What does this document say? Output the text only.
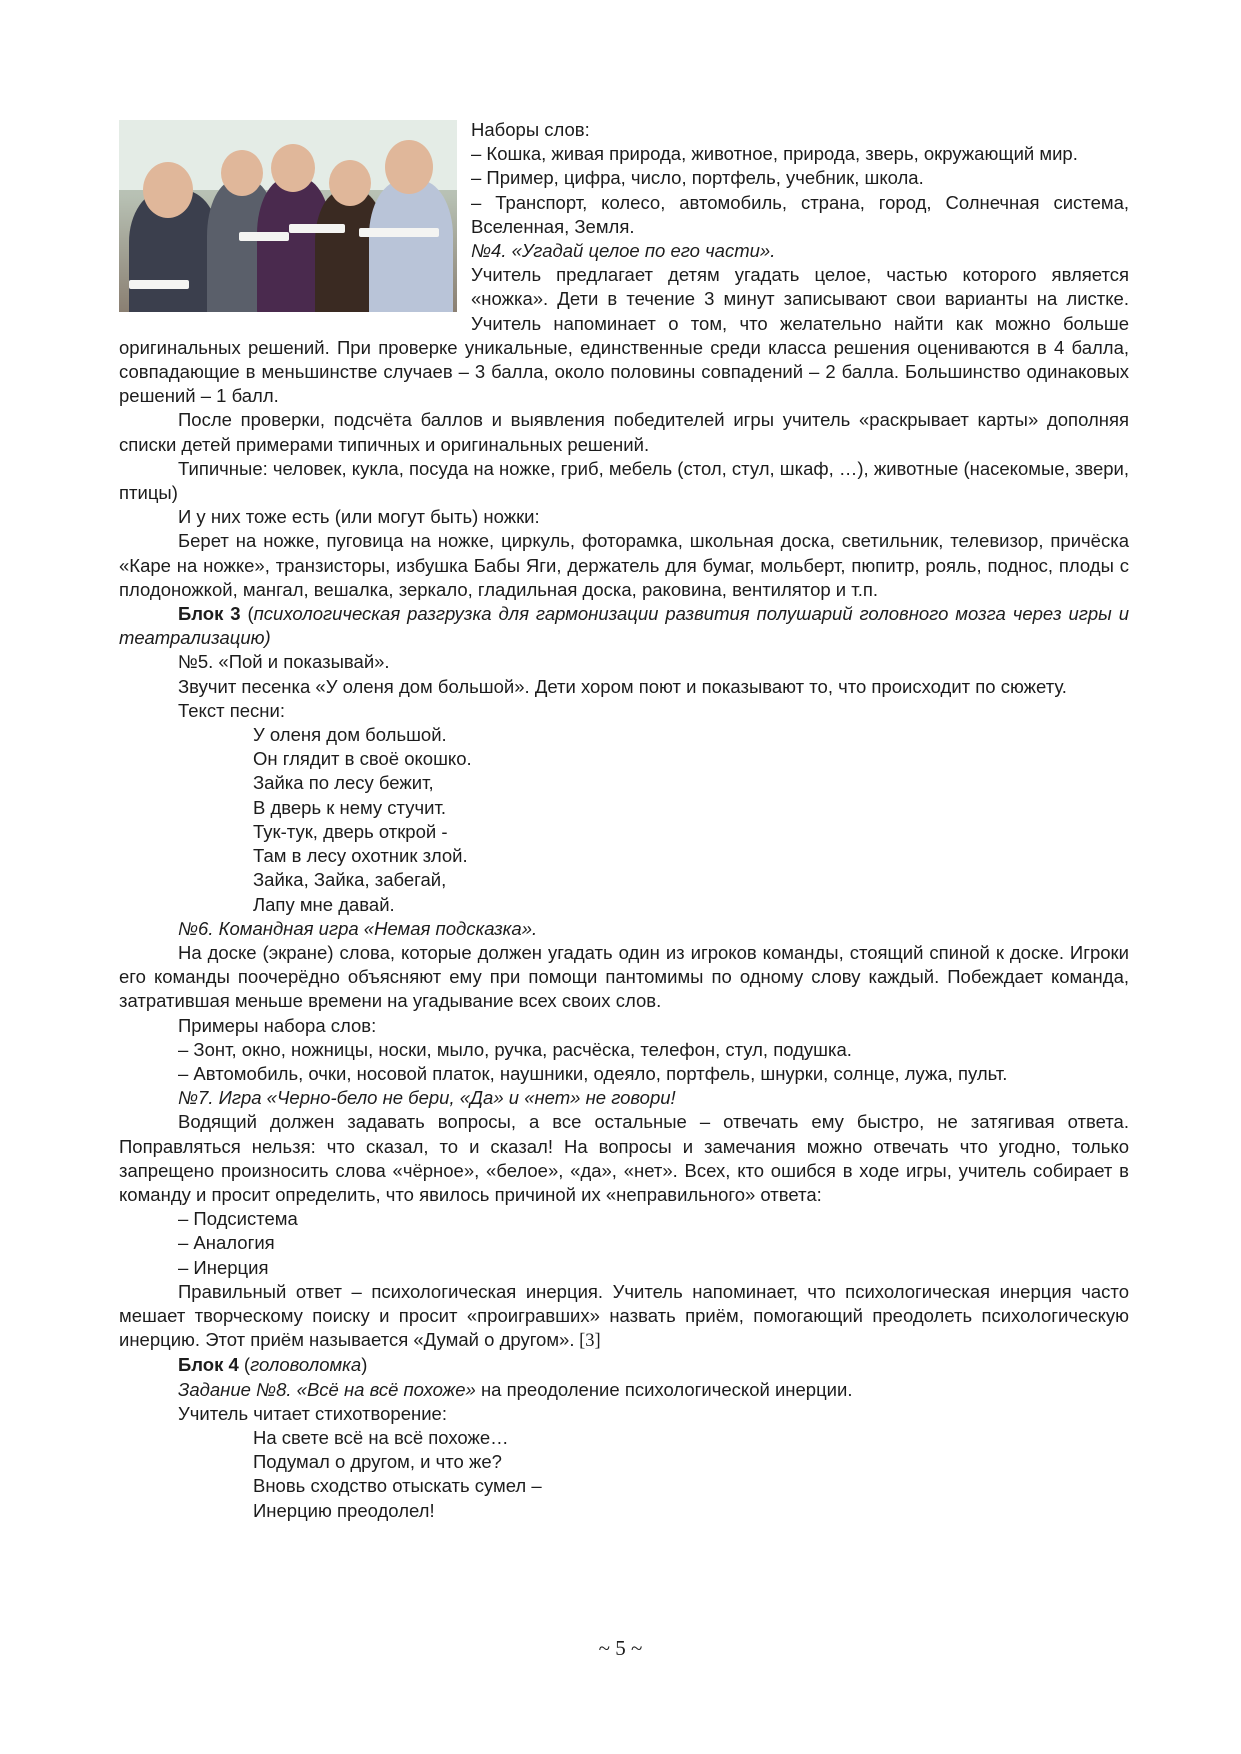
Наборы слов:

– Кошка, живая природа, животное, природа, зверь, окружающий мир.

– Пример, цифра, число, портфель, учебник, школа.

– Транспорт, колесо, автомобиль, страна, город, Солнечная система, Вселенная, Земля.

№4. «Угадай целое по его части».

Учитель предлагает детям угадать целое, частью которого является «ножка». Дети в течение 3 минут записывают свои варианты на листке. Учитель напоминает о том, что желательно найти как можно больше оригинальных решений. При проверке уникальные, единственные среди класса решения оцениваются в 4 балла, совпадающие в меньшинстве случаев – 3 балла, около половины совпадений – 2 балла. Большинство одинаковых решений – 1 балл.

После проверки, подсчёта баллов и выявления победителей игры учитель «раскрывает карты» дополняя списки детей примерами типичных и оригинальных решений.

Типичные: человек, кукла, посуда на ножке, гриб, мебель (стол, стул, шкаф, …), животные (насекомые, звери, птицы)

И у них тоже есть (или могут быть) ножки:

Берет на ножке, пуговица на ножке, циркуль, фоторамка, школьная доска, светильник, телевизор, причёска «Каре на ножке», транзисторы, избушка Бабы Яги, держатель для бумаг, мольберт, пюпитр, рояль, поднос, плоды с плодоножкой, мангал, вешалка, зеркало, гладильная доска, раковина, вентилятор и т.п.

Блок 3 (психологическая разгрузка для гармонизации развития полушарий головного мозга через игры и театрализацию)

№5. «Пой и показывай».

Звучит песенка «У оленя дом большой». Дети хором поют и показывают то, что происходит по сюжету.

Текст песни:

У оленя дом большой.

Он глядит в своё окошко.

Зайка по лесу бежит,

В дверь к нему стучит.

Тук-тук, дверь открой -

Там в лесу охотник злой.

Зайка, Зайка, забегай,

Лапу мне давай.

№6. Командная игра «Немая подсказка».

На доске (экране) слова, которые должен угадать один из игроков команды, стоящий спиной к доске. Игроки его команды поочерёдно объясняют ему при помощи пантомимы по одному слову каждый. Побеждает команда, затратившая меньше времени на угадывание всех своих слов.

Примеры набора слов:

– Зонт, окно, ножницы, носки, мыло, ручка, расчёска, телефон, стул, подушка.

– Автомобиль, очки, носовой платок, наушники, одеяло, портфель, шнурки, солнце, лужа, пульт.

№7. Игра «Черно-бело не бери, «Да» и «нет» не говори!

Водящий должен задавать вопросы, а все остальные – отвечать ему быстро, не затягивая ответа. Поправляться нельзя: что сказал, то и сказал! На вопросы и замечания можно отвечать что угодно, только запрещено произносить слова «чёрное», «белое», «да», «нет». Всех, кто ошибся в ходе игры, учитель собирает в команду и просит определить, что явилось причиной их «неправильного» ответа:

– Подсистема

– Аналогия

– Инерция

Правильный ответ – психологическая инерция. Учитель напоминает, что психологическая инерция часто мешает творческому поиску и просит «проигравших» назвать приём, помогающий преодолеть психологическую инерцию. Этот приём называется «Думай о другом». [3]

Блок 4 (головоломка)

Задание №8. «Всё на всё похоже» на преодоление психологической инерции.

Учитель читает стихотворение:

На свете всё на всё похоже…

Подумал о другом, и что же?

Вновь сходство отыскать сумел –

Инерцию преодолел!

~ 5 ~
